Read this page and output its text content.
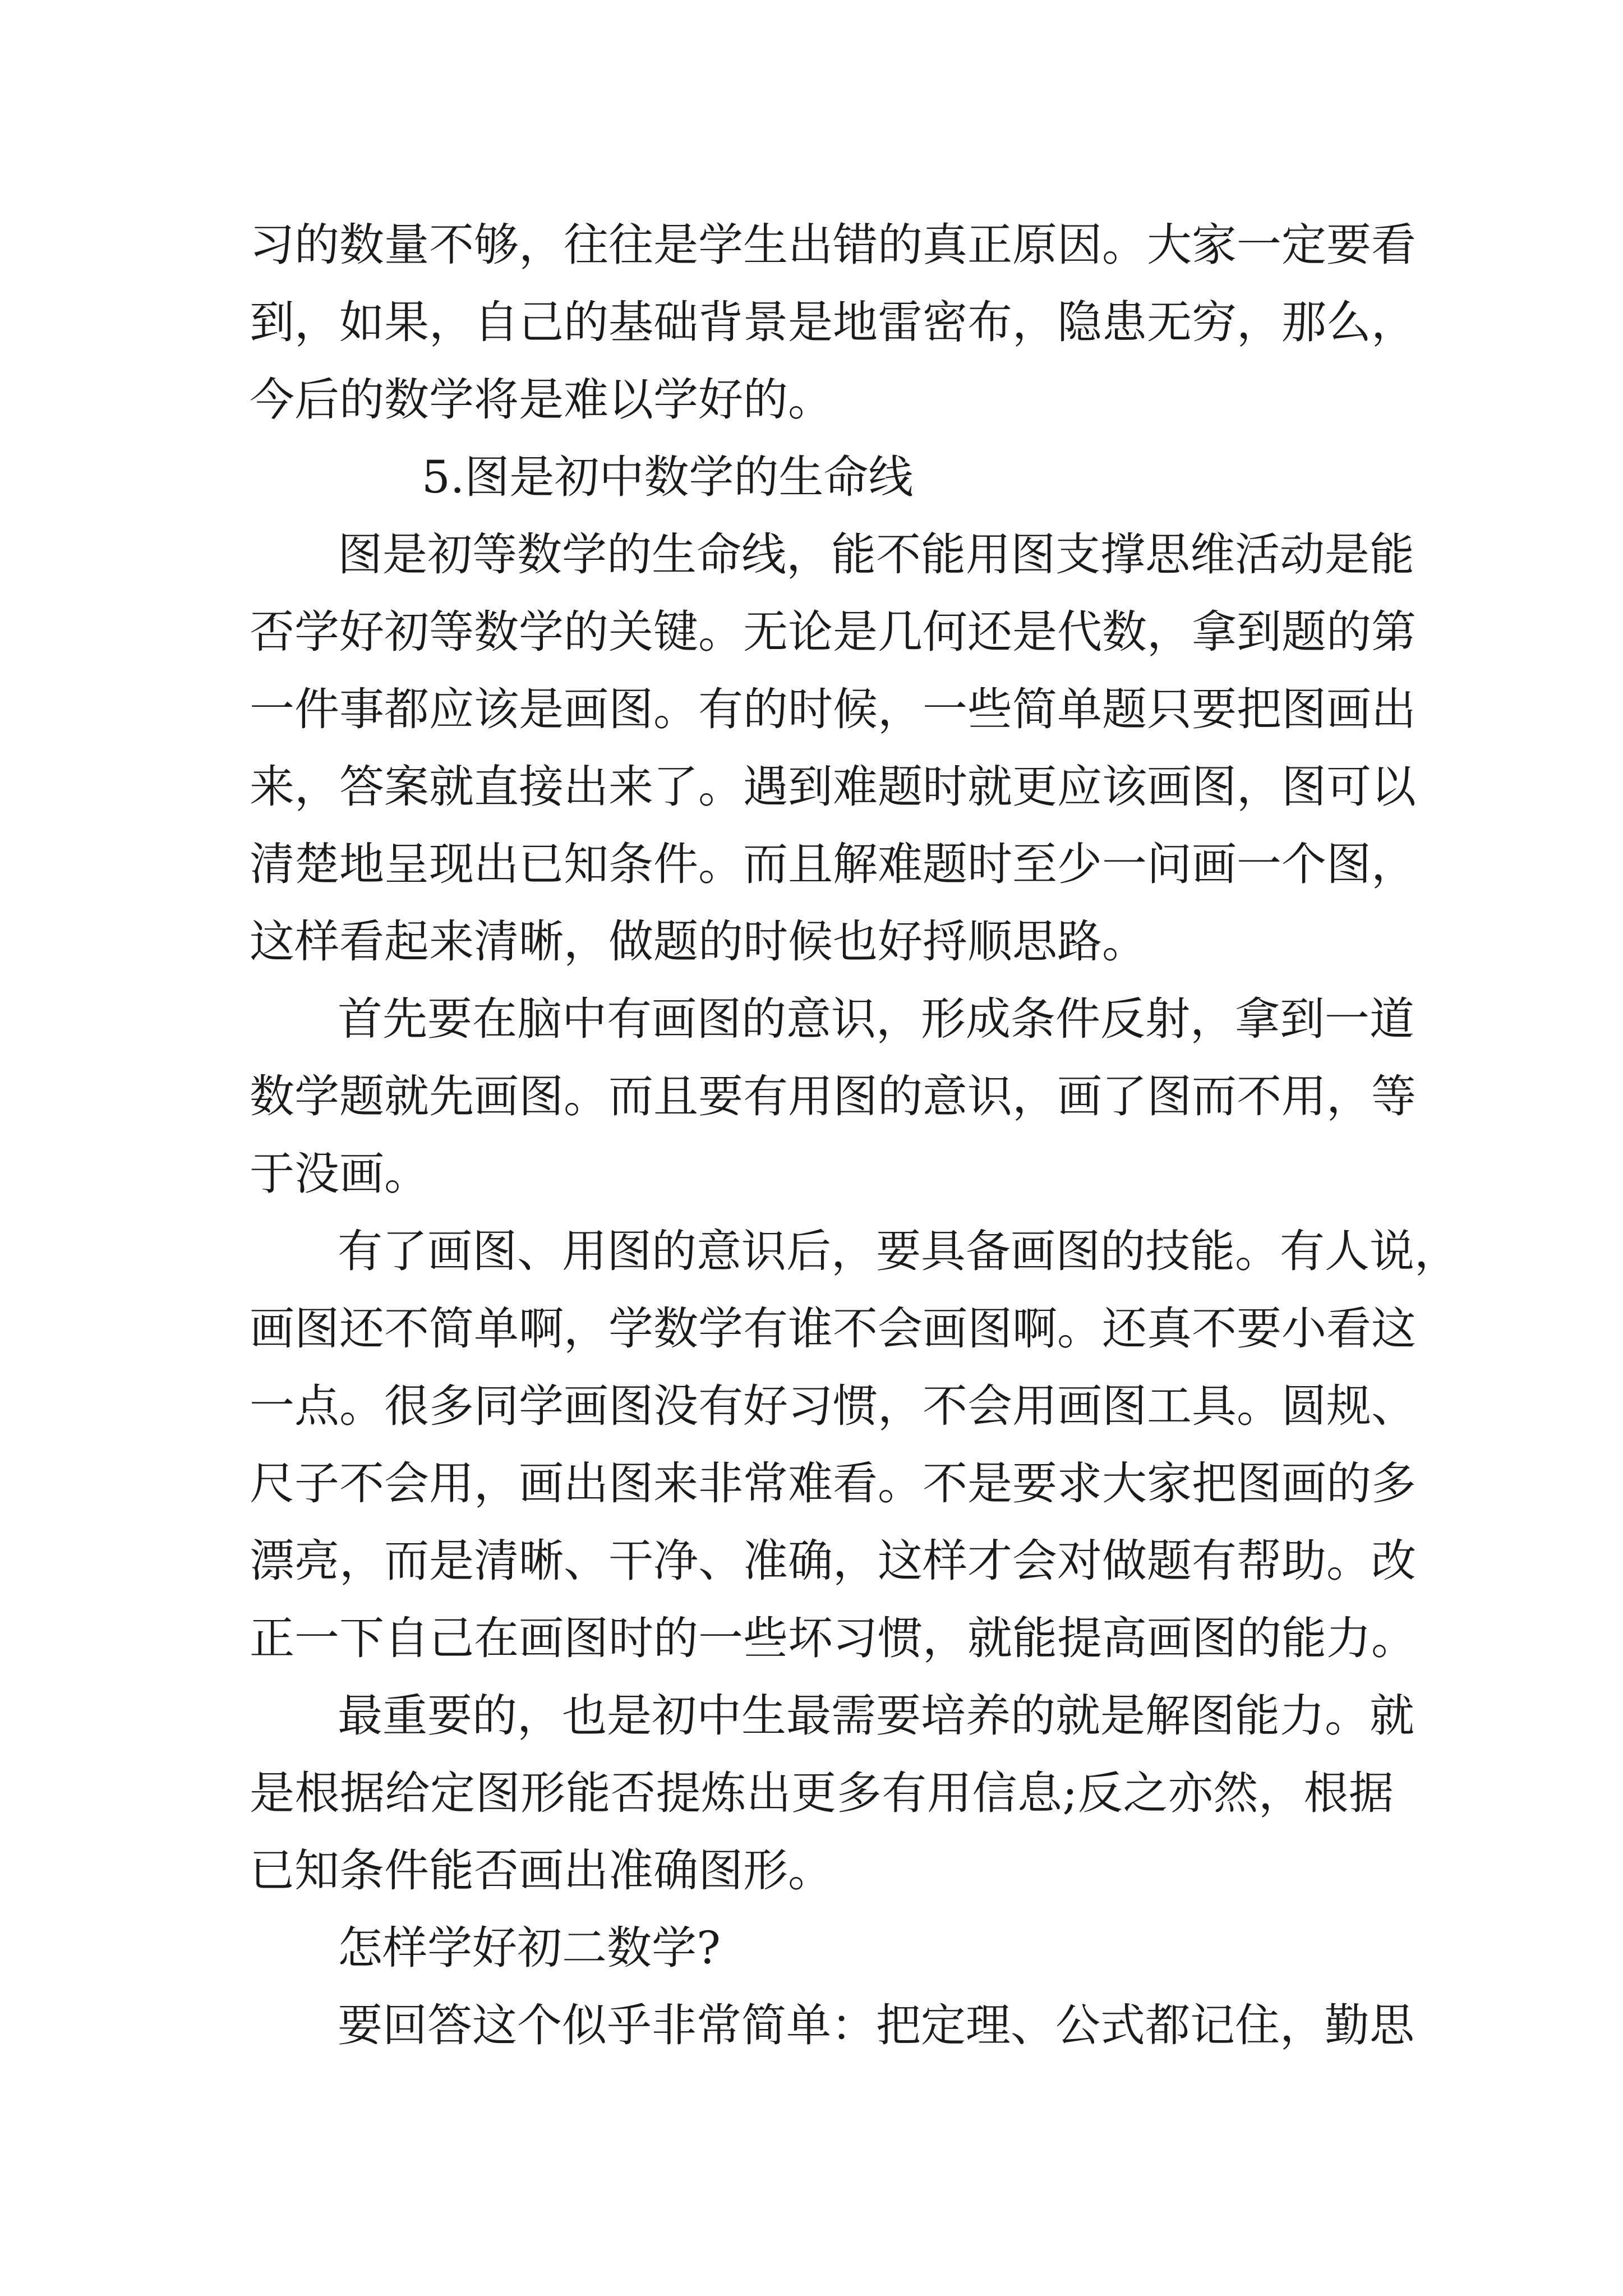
习的数量不够，往往是学生出错的真正原因。大家一定要看
到，如果，自己的基础背景是地雷密布，隐患无穷，那么，
今后的数学将是难以学好的。
5.图是初中数学的生命线
图是初等数学的生命线，能不能用图支撑思维活动是能
否学好初等数学的关键。无论是几何还是代数，拿到题的第
一件事都应该是画图。有的时候，一些简单题只要把图画出
来，答案就直接出来了。遇到难题时就更应该画图，图可以
清楚地呈现出已知条件。而且解难题时至少一问画一个图，
这样看起来清晰，做题的时候也好捋顺思路。
首先要在脑中有画图的意识，形成条件反射，拿到一道
数学题就先画图。而且要有用图的意识，画了图而不用，等
于没画。
有了画图、用图的意识后，要具备画图的技能。有人说，
画图还不简单啊，学数学有谁不会画图啊。还真不要小看这
一点。很多同学画图没有好习惯，不会用画图工具。圆规、
尺子不会用，画出图来非常难看。不是要求大家把图画的多
漂亮，而是清晰、干净、准确，这样才会对做题有帮助。改
正一下自己在画图时的一些坏习惯，就能提高画图的能力。
最重要的，也是初中生最需要培养的就是解图能力。就
是根据给定图形能否提炼出更多有用信息;反之亦然，根据
已知条件能否画出准确图形。
怎样学好初二数学?
要回答这个似乎非常简单：把定理、公式都记住，勤思
